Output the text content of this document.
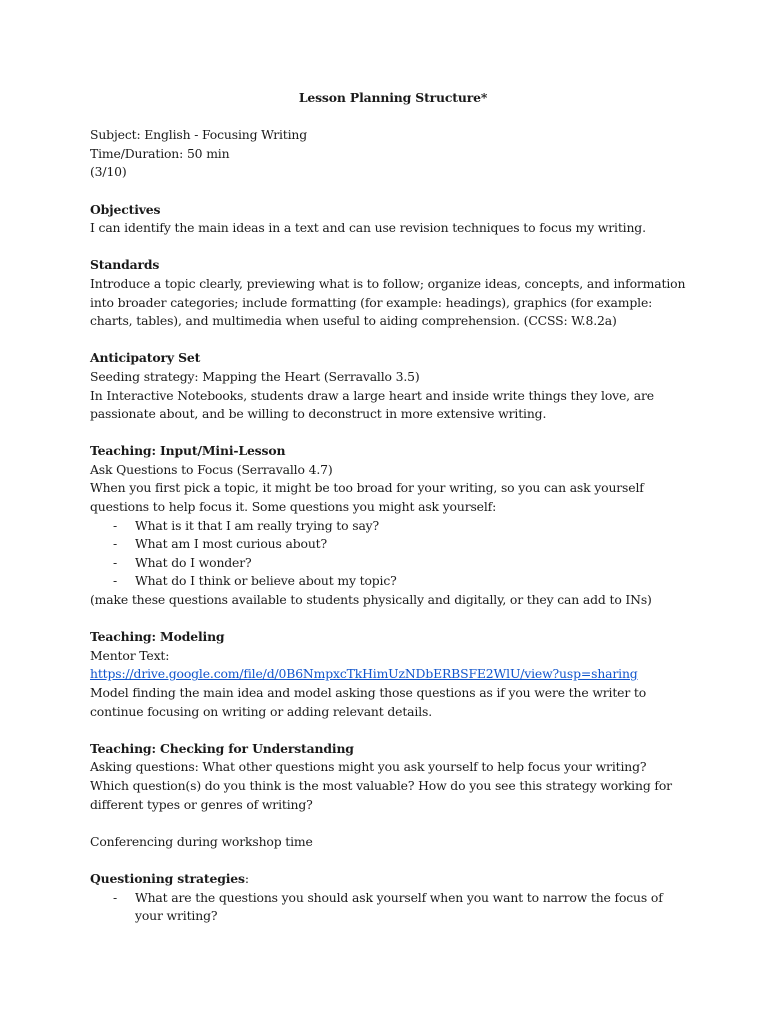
Lesson Planning Structure*
Subject: English - Focusing Writing
Time/Duration: 50 min
(3/10)
Objectives
I can identify the main ideas in a text and can use revision techniques to focus my writing.
Standards
Introduce a topic clearly, previewing what is to follow; organize ideas, concepts, and information
into broader categories; include formatting (for example: headings), graphics (for example:
charts, tables), and multimedia when useful to aiding comprehension. (CCSS: W.8.2a)
Anticipatory Set
Seeding strategy: Mapping the Heart (Serravallo 3.5)
In Interactive Notebooks, students draw a large heart and inside write things they love, are
passionate about, and be willing to deconstruct in more extensive writing.
Teaching: Input/Mini-Lesson
Ask Questions to Focus (Serravallo 4.7)
When you first pick a topic, it might be too broad for your writing, so you can ask yourself
questions to help focus it. Some questions you might ask yourself:
- What is it that I am really trying to say?
- What am I most curious about?
- What do I wonder?
- What do I think or believe about my topic?
(make these questions available to students physically and digitally, or they can add to INs)
Teaching: Modeling
Mentor Text:
https://drive.google.com/file/d/0B6NmpxcTkHimUzNDbERBSFE2WlU/view?usp=sharing
Model finding the main idea and model asking those questions as if you were the writer to
continue focusing on writing or adding relevant details.
Teaching: Checking for Understanding
Asking questions: What other questions might you ask yourself to help focus your writing?
Which question(s) do you think is the most valuable? How do you see this strategy working for
different types or genres of writing?
Conferencing during workshop time
Questioning strategies:
- What are the questions you should ask yourself when you want to narrow the focus of
your writing?
